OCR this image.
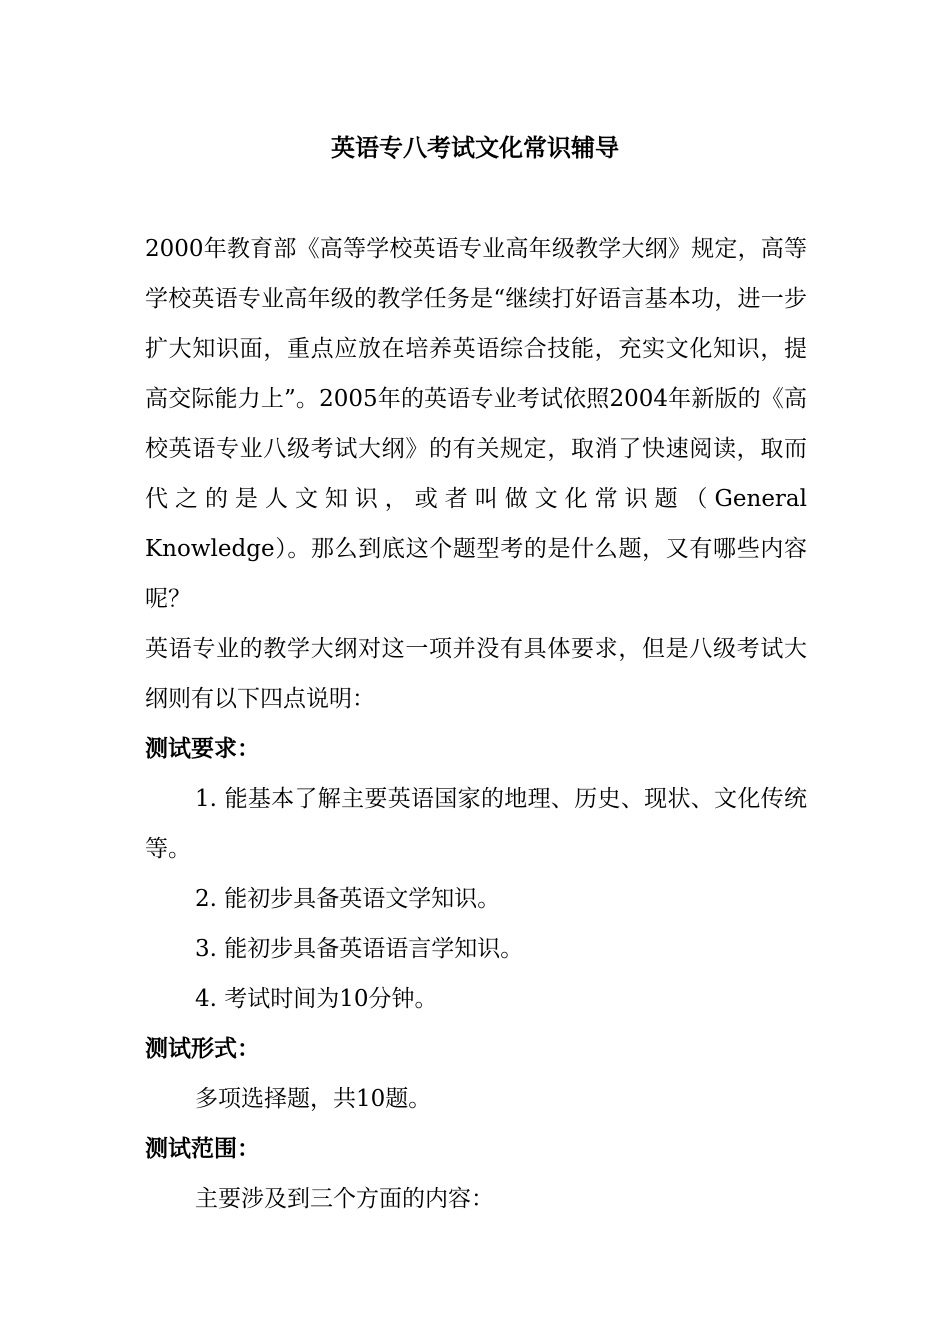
英语专八考试文化常识辅导

2000年教育部《高等学校英语专业高年级教学大纲》规定，高等学校英语专业高年级的教学任务是“继续打好语言基本功，进一步扩大知识面，重点应放在培养英语综合技能，充实文化知识，提高交际能力上”。2005年的英语专业考试依照2004年新版的《高校英语专业八级考试大纲》的有关规定，取消了快速阅读，取而代之的是人文知识，或者叫做文化常识题（General Knowledge）。那么到底这个题型考的是什么题，又有哪些内容呢？

英语专业的教学大纲对这一项并没有具体要求，但是八级考试大纲则有以下四点说明：

测试要求：

1. 能基本了解主要英语国家的地理、历史、现状、文化传统等。

2. 能初步具备英语文学知识。

3. 能初步具备英语语言学知识。

4. 考试时间为10分钟。

测试形式：

多项选择题，共10题。

测试范围：

主要涉及到三个方面的内容：
